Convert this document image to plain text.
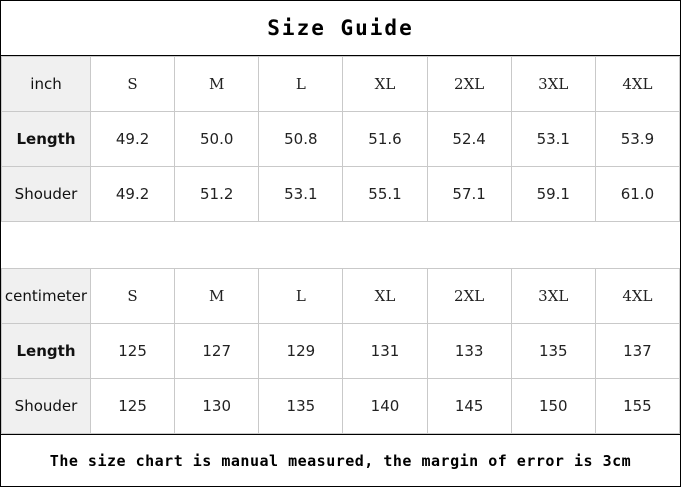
Size Guide
inch	S	M	L	XL	2XL	3XL	4XL
Length	49.2	50.0	50.8	51.6	52.4	53.1	53.9
Shouder	49.2	51.2	53.1	55.1	57.1	59.1	61.0

centimeter	S	M	L	XL	2XL	3XL	4XL
Length	125	127	129	131	133	135	137
Shouder	125	130	135	140	145	150	155
The size chart is manual measured, the margin of error is 3cm
